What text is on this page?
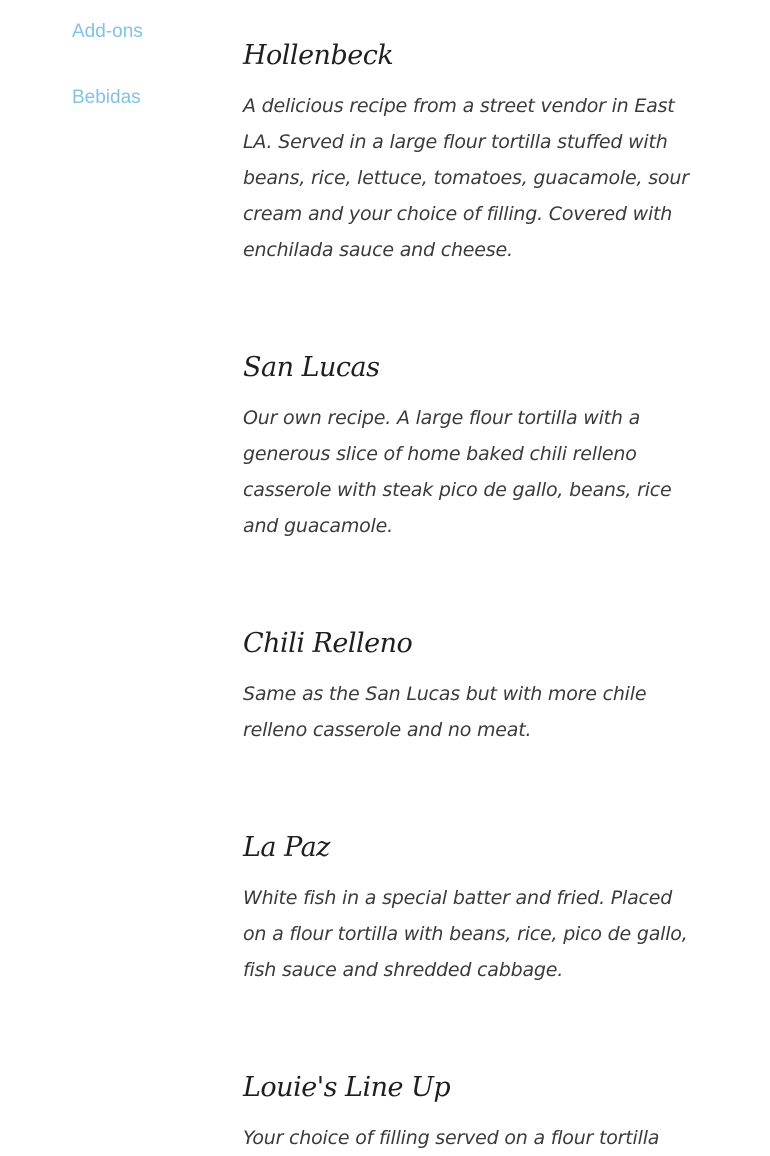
Add-ons
Bebidas
Hollenbeck

A delicious recipe from a street vendor in East LA. Served in a large flour tortilla stuffed with beans, rice, lettuce, tomatoes, guacamole, sour cream and your choice of filling. Covered with enchilada sauce and cheese.

San Lucas

Our own recipe. A large flour tortilla with a generous slice of home baked chili relleno casserole with steak pico de gallo, beans, rice and guacamole.

Chili Relleno

Same as the San Lucas but with more chile relleno casserole and no meat.

La Paz

White fish in a special batter and fried. Placed on a flour tortilla with beans, rice, pico de gallo, fish sauce and shredded cabbage.

Louie's Line Up

Your choice of filling served on a flour tortilla
